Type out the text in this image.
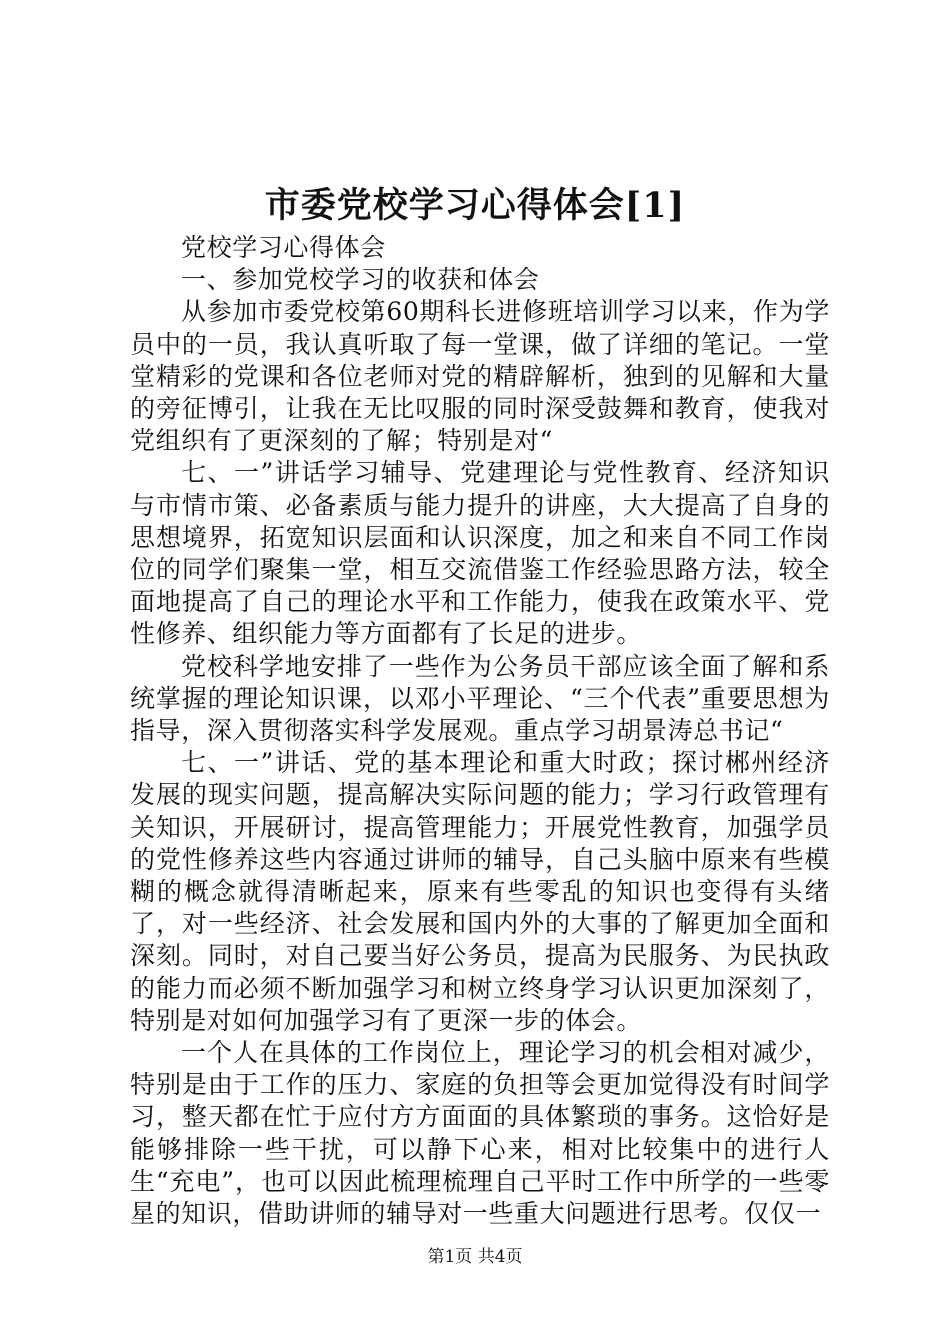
市委党校学习心得体会[1]

党校学习心得体会

一、参加党校学习的收获和体会

从参加市委党校第60期科长进修班培训学习以来，作为学员中的一员，我认真听取了每一堂课，做了详细的笔记。一堂堂精彩的党课和各位老师对党的精辟解析，独到的见解和大量的旁征博引，让我在无比叹服的同时深受鼓舞和教育，使我对党组织有了更深刻的了解；特别是对“

七、一”讲话学习辅导、党建理论与党性教育、经济知识与市情市策、必备素质与能力提升的讲座，大大提高了自身的思想境界，拓宽知识层面和认识深度，加之和来自不同工作岗位的同学们聚集一堂，相互交流借鉴工作经验思路方法，较全面地提高了自己的理论水平和工作能力，使我在政策水平、党性修养、组织能力等方面都有了长足的进步。

党校科学地安排了一些作为公务员干部应该全面了解和系统掌握的理论知识课，以邓小平理论、“三个代表”重要思想为指导，深入贯彻落实科学发展观。重点学习胡景涛总书记“

七、一”讲话、党的基本理论和重大时政；探讨郴州经济发展的现实问题，提高解决实际问题的能力；学习行政管理有关知识，开展研讨，提高管理能力；开展党性教育，加强学员的党性修养这些内容通过讲师的辅导，自己头脑中原来有些模糊的概念就得清晰起来，原来有些零乱的知识也变得有头绪了，对一些经济、社会发展和国内外的大事的了解更加全面和深刻。同时，对自己要当好公务员，提高为民服务、为民执政的能力而必须不断加强学习和树立终身学习认识更加深刻了，特别是对如何加强学习有了更深一步的体会。

一个人在具体的工作岗位上，理论学习的机会相对减少，特别是由于工作的压力、家庭的负担等会更加觉得没有时间学习，整天都在忙于应付方方面面的具体繁琐的事务。这恰好是能够排除一些干扰，可以静下心来，相对比较集中的进行人生“充电”，也可以因此梳理梳理自己平时工作中所学的一些零星的知识，借助讲师的辅导对一些重大问题进行思考。仅仅一

第1页 共4页
